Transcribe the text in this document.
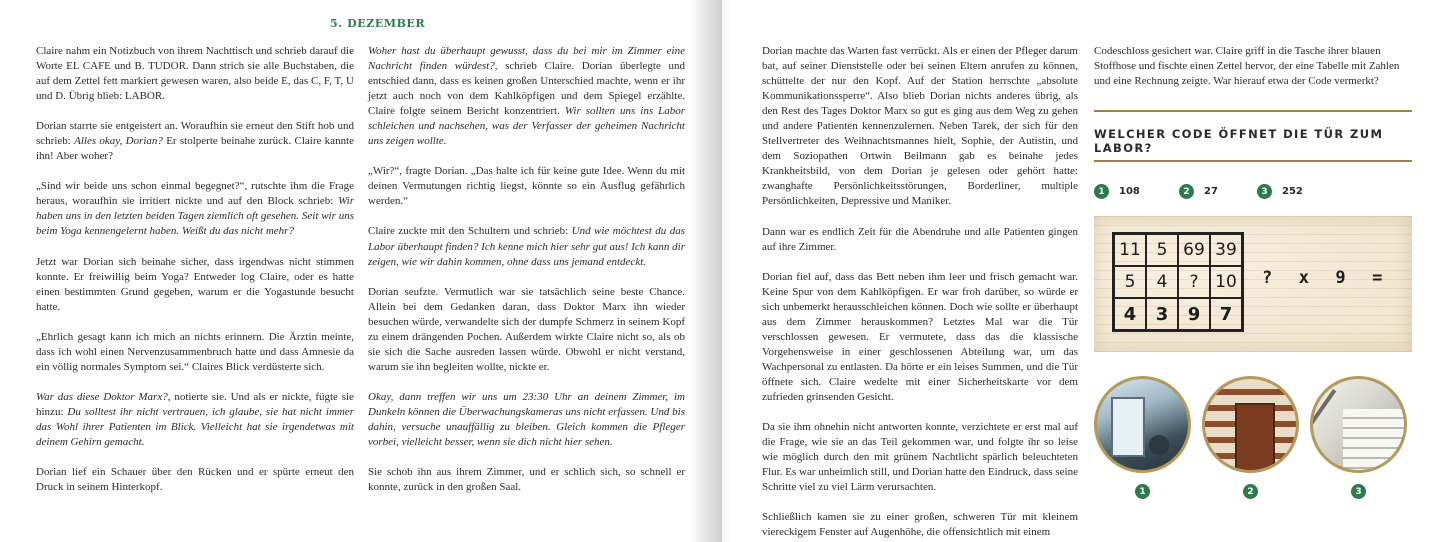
5. DEZEMBER

Claire nahm ein Notizbuch von ihrem Nachttisch und schrieb darauf die Worte EL CAFE und B. TUDOR. Dann strich sie alle Buchstaben, die auf dem Zettel fett markiert gewesen waren, also beide E, das C, F, T, U und D. Übrig blieb: LABOR.

Dorian starrte sie entgeistert an. Woraufhin sie erneut den Stift hob und schrieb: Alles okay, Dorian? Er stolperte beinahe zurück. Claire kannte ihn! Aber woher?

„Sind wir beide uns schon einmal begegnet?“, rutschte ihm die Frage heraus, woraufhin sie irritiert nickte und auf den Block schrieb: Wir haben uns in den letzten beiden Tagen ziemlich oft gesehen. Seit wir uns beim Yoga kennengelernt haben. Weißt du das nicht mehr?

Jetzt war Dorian sich beinahe sicher, dass irgendwas nicht stimmen konnte. Er freiwillig beim Yoga? Entweder log Claire, oder es hatte einen bestimmten Grund gegeben, warum er die Yogastunde besucht hatte.

„Ehrlich gesagt kann ich mich an nichts erinnern. Die Ärztin meinte, dass ich wohl einen Nervenzusammenbruch hatte und dass Amnesie da ein völlig normales Symptom sei.“ Claires Blick verdüsterte sich.

War das diese Doktor Marx?, notierte sie. Und als er nickte, fügte sie hinzu: Du solltest ihr nicht vertrauen, ich glaube, sie hat nicht immer das Wohl ihrer Patienten im Blick. Vielleicht hat sie irgendetwas mit deinem Gehirn gemacht.

Dorian lief ein Schauer über den Rücken und er spürte erneut den Druck in seinem Hinterkopf.

Woher hast du überhaupt gewusst, dass du bei mir im Zimmer eine Nachricht finden würdest?, schrieb Claire. Dorian überlegte und entschied dann, dass es keinen großen Unterschied machte, wenn er ihr jetzt auch noch von dem Kahlköpfigen und dem Spiegel erzählte. Claire folgte seinem Bericht konzentriert. Wir sollten uns ins Labor schleichen und nachsehen, was der Verfasser der geheimen Nachricht uns zeigen wollte.

„Wir?“, fragte Dorian. „Das halte ich für keine gute Idee. Wenn du mit deinen Vermutungen richtig liegst, könnte so ein Ausflug gefährlich werden.“

Claire zuckte mit den Schultern und schrieb: Und wie möchtest du das Labor überhaupt finden? Ich kenne mich hier sehr gut aus! Ich kann dir zeigen, wie wir dahin kommen, ohne dass uns jemand entdeckt.

Dorian seufzte. Vermutlich war sie tatsächlich seine beste Chance. Allein bei dem Gedanken daran, dass Doktor Marx ihn wieder besuchen würde, verwandelte sich der dumpfe Schmerz in seinem Kopf zu einem drängenden Pochen. Außerdem wirkte Claire nicht so, als ob sie sich die Sache ausreden lassen würde. Obwohl er nicht verstand, warum sie ihn begleiten wollte, nickte er.

Okay, dann treffen wir uns um 23:30 Uhr an deinem Zimmer, im Dunkeln können die Überwachungskameras uns nicht erfassen. Und bis dahin, versuche unauffällig zu bleiben. Gleich kommen die Pfleger vorbei, vielleicht besser, wenn sie dich nicht hier sehen.

Sie schob ihn aus ihrem Zimmer, und er schlich sich, so schnell er konnte, zurück in den großen Saal.

Dorian machte das Warten fast verrückt. Als er einen der Pfleger darum bat, auf seiner Dienststelle oder bei seinen Eltern anrufen zu können, schüttelte der nur den Kopf. Auf der Station herrschte „absolute Kommunikationssperre“. Also blieb Dorian nichts anderes übrig, als den Rest des Tages Doktor Marx so gut es ging aus dem Weg zu gehen und andere Patienten kennenzulernen. Neben Tarek, der sich für den Stellvertreter des Weihnachtsmannes hielt, Sophie, der Autistin, und dem Soziopathen Ortwin Beilmann gab es beinahe jedes Krankheitsbild, von dem Dorian je gelesen oder gehört hatte: zwanghafte Persönlichkeitsstörungen, Borderliner, multiple Persönlichkeiten, Depressive und Maniker.

Dann war es endlich Zeit für die Abendruhe und alle Patienten gingen auf ihre Zimmer.

Dorian fiel auf, dass das Bett neben ihm leer und frisch gemacht war. Keine Spur von dem Kahlköpfigen. Er war froh darüber, so würde er sich unbemerkt herausschleichen können. Doch wie sollte er überhaupt aus dem Zimmer herauskommen? Letztes Mal war die Tür verschlossen gewesen. Er vermutete, dass das die klassische Vorgehensweise in einer geschlossenen Abteilung war, um das Wachpersonal zu entlasten. Da hörte er ein leises Summen, und die Tür öffnete sich. Claire wedelte mit einer Sicherheitskarte vor dem zufrieden grinsenden Gesicht.

Da sie ihm ohnehin nicht antworten konnte, verzichtete er erst mal auf die Frage, wie sie an das Teil gekommen war, und folgte ihr so leise wie möglich durch den mit grünem Nachtlicht spärlich beleuchteten Flur. Es war unheimlich still, und Dorian hatte den Eindruck, dass seine Schritte viel zu viel Lärm verursachten.

Schließlich kamen sie zu einer großen, schweren Tür mit kleinem viereckigem Fenster auf Augenhöhe, die offensichtlich mit einem

Codeschloss gesichert war. Claire griff in die Tasche ihrer blauen Stoffhose und fischte einen Zettel hervor, der eine Tabelle mit Zahlen und eine Rechnung zeigte. War hierauf etwa der Code vermerkt?

WELCHER CODE ÖFFNET DIE TÜR ZUM LABOR?
1	108	2	27	3	252
11 5 69 39
5	4	? 10
4	3	9	7
?  x  9  =
1	2	3
